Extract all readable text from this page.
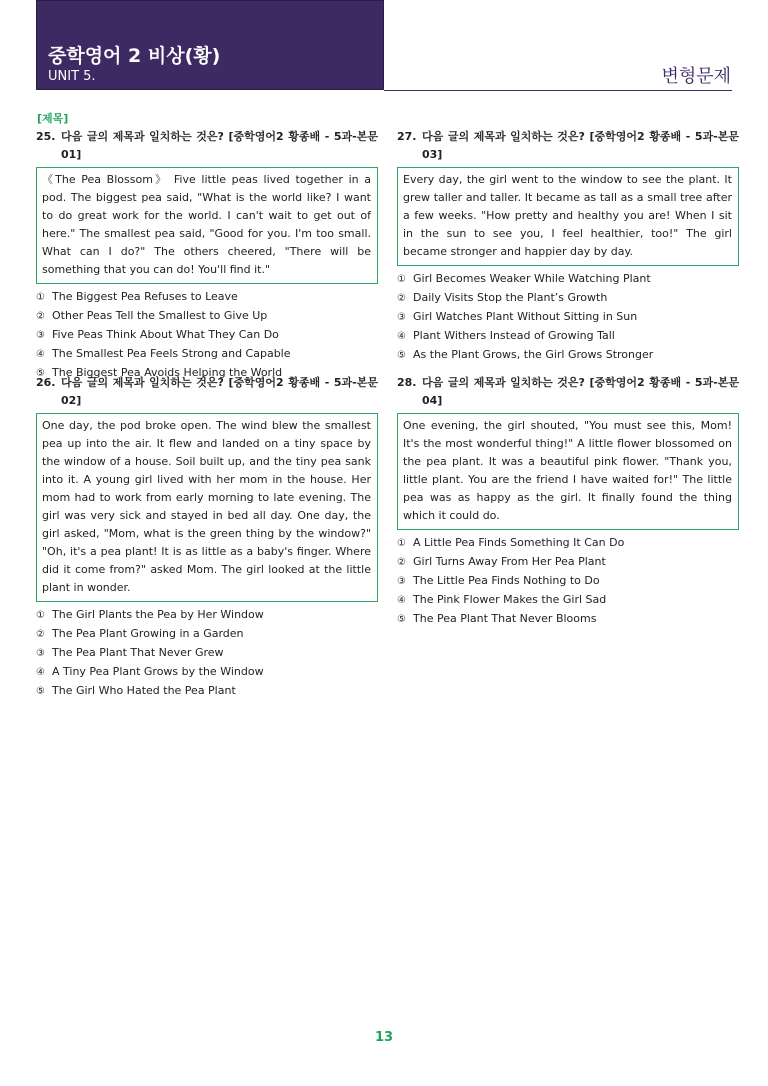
중학영어 2 비상(황)
UNIT 5.	변형문제
[제목]
25. 다음 글의 제목과 일치하는 것은? [중학영어2 황종배 - 5과-본문 01]
《The Pea Blossom》 Five little peas lived together in a pod. The biggest pea said, "What is the world like? I want to do great work for the world. I can't wait to get out of here." The smallest pea said, "Good for you. I'm too small. What can I do?" The others cheered, "There will be something that you can do! You'll find it."
① The Biggest Pea Refuses to Leave
② Other Peas Tell the Smallest to Give Up
③ Five Peas Think About What They Can Do
④ The Smallest Pea Feels Strong and Capable
⑤ The Biggest Pea Avoids Helping the World
26. 다음 글의 제목과 일치하는 것은? [중학영어2 황종배 - 5과-본문 02]
One day, the pod broke open. The wind blew the smallest pea up into the air. It flew and landed on a tiny space by the window of a house. Soil built up, and the tiny pea sank into it. A young girl lived with her mom in the house. Her mom had to work from early morning to late evening. The girl was very sick and stayed in bed all day. One day, the girl asked, "Mom, what is the green thing by the window?" "Oh, it's a pea plant! It is as little as a baby's finger. Where did it come from?" asked Mom. The girl looked at the little plant in wonder.
① The Girl Plants the Pea by Her Window
② The Pea Plant Growing in a Garden
③ The Pea Plant That Never Grew
④ A Tiny Pea Plant Grows by the Window
⑤ The Girl Who Hated the Pea Plant
27. 다음 글의 제목과 일치하는 것은? [중학영어2 황종배 - 5과-본문 03]
Every day, the girl went to the window to see the plant. It grew taller and taller. It became as tall as a small tree after a few weeks. "How pretty and healthy you are! When I sit in the sun to see you, I feel healthier, too!" The girl became stronger and happier day by day.
① Girl Becomes Weaker While Watching Plant
② Daily Visits Stop the Plant’s Growth
③ Girl Watches Plant Without Sitting in Sun
④ Plant Withers Instead of Growing Tall
⑤ As the Plant Grows, the Girl Grows Stronger
28. 다음 글의 제목과 일치하는 것은? [중학영어2 황종배 - 5과-본문 04]
One evening, the girl shouted, "You must see this, Mom! It's the most wonderful thing!" A little flower blossomed on the pea plant. It was a beautiful pink flower. "Thank you, little plant. You are the friend I have waited for!" The little pea was as happy as the girl. It finally found the thing which it could do.
① A Little Pea Finds Something It Can Do
② Girl Turns Away From Her Pea Plant
③ The Little Pea Finds Nothing to Do
④ The Pink Flower Makes the Girl Sad
⑤ The Pea Plant That Never Blooms
13
